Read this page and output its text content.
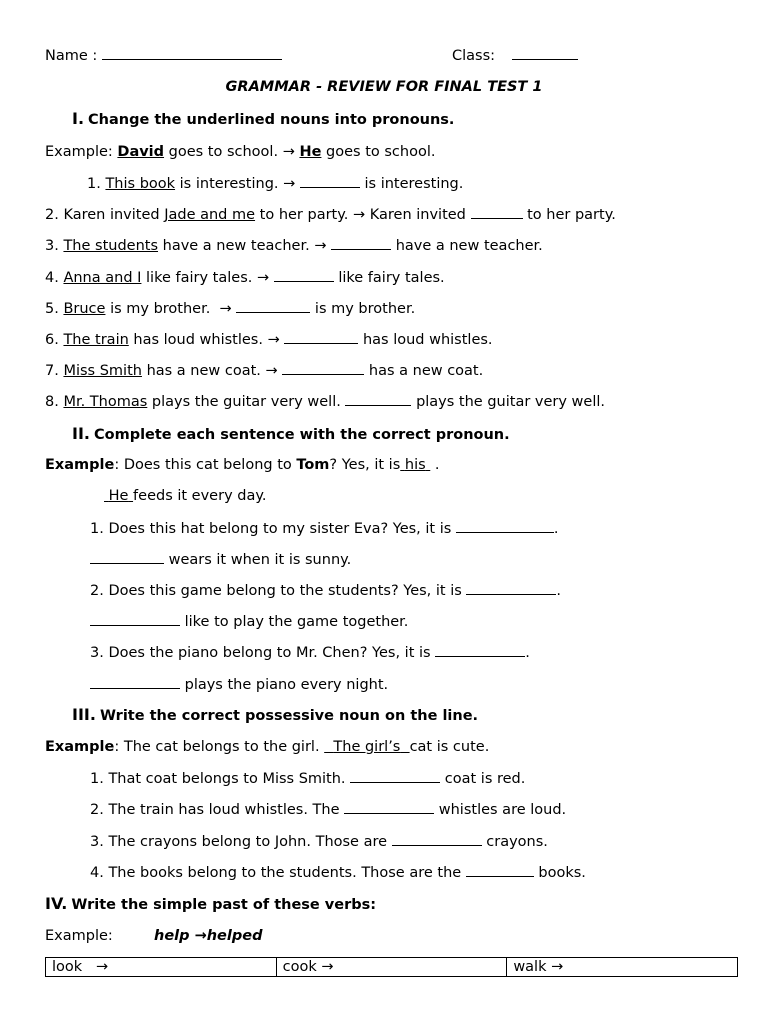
Name :	Class:
GRAMMAR - REVIEW FOR FINAL TEST 1
I. Change the underlined nouns into pronouns.
Example: David goes to school. → He goes to school.
1. This book is interesting. →	is interesting.
2. Karen invited Jade and me to her party. → Karen invited	to her party.
3. The students have a new teacher. →	have a new teacher.
4. Anna and I like fairy tales. →	like fairy tales.
5. Bruce is my brother. →	is my brother.
6. The train has loud whistles. →	has loud whistles.
7. Miss Smith has a new coat. →	has a new coat.
8. Mr. Thomas plays the guitar very well.	plays the guitar very well.
II. Complete each sentence with the correct pronoun.
Example: Does this cat belong to Tom? Yes, it is his  .
He feeds it every day.
1. Does this hat belong to my sister Eva? Yes, it is	.
wears it when it is sunny.
2. Does this game belong to the students? Yes, it is	.
like to play the game together.
3. Does the piano belong to Mr. Chen? Yes, it is	.
plays the piano every night.
III. Write the correct possessive noun on the line.
Example: The cat belongs to the girl. The girl’s cat is cute.
1. That coat belongs to Miss Smith.	coat is red.
2. The train has loud whistles. The	whistles are loud.
3. The crayons belong to John. Those are	crayons.
4. The books belong to the students. Those are the	books.
IV. Write the simple past of these verbs:
Example:	help →helped
look →	cook →	walk →
